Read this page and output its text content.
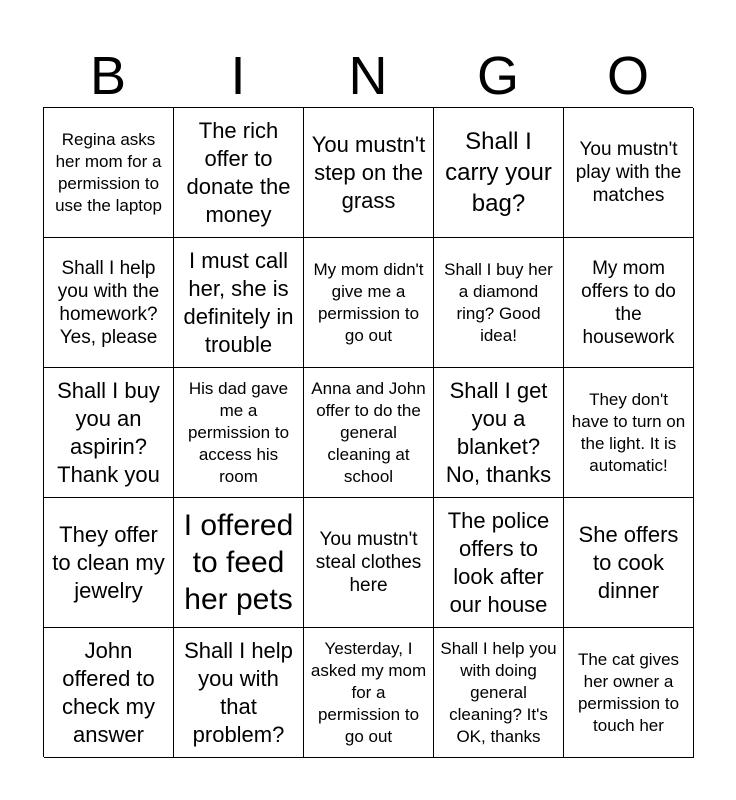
B	I	N	G	O
Regina asks her mom for a permission to use the laptop
The rich offer to donate the money
You mustn't step on the grass
Shall I carry your bag?
You mustn't play with the matches
Shall I help you with the homework? Yes, please
I must call her, she is definitely in trouble
My mom didn't give me a permission to go out
Shall I buy her a diamond ring? Good idea!
My mom offers to do the housework
Shall I buy you an aspirin? Thank you
His dad gave me a permission to access his room
Anna and John offer to do the general cleaning at school
Shall I get you a blanket? No, thanks
They don't have to turn on the light. It is automatic!
They offer to clean my jewelry
I offered to feed her pets
You mustn't steal clothes here
The police offers to look after our house
She offers to cook dinner
John offered to check my answer
Shall I help you with that problem?
Yesterday, I asked my mom for a permission to go out
Shall I help you with doing general cleaning? It's OK, thanks
The cat gives her owner a permission to touch her
